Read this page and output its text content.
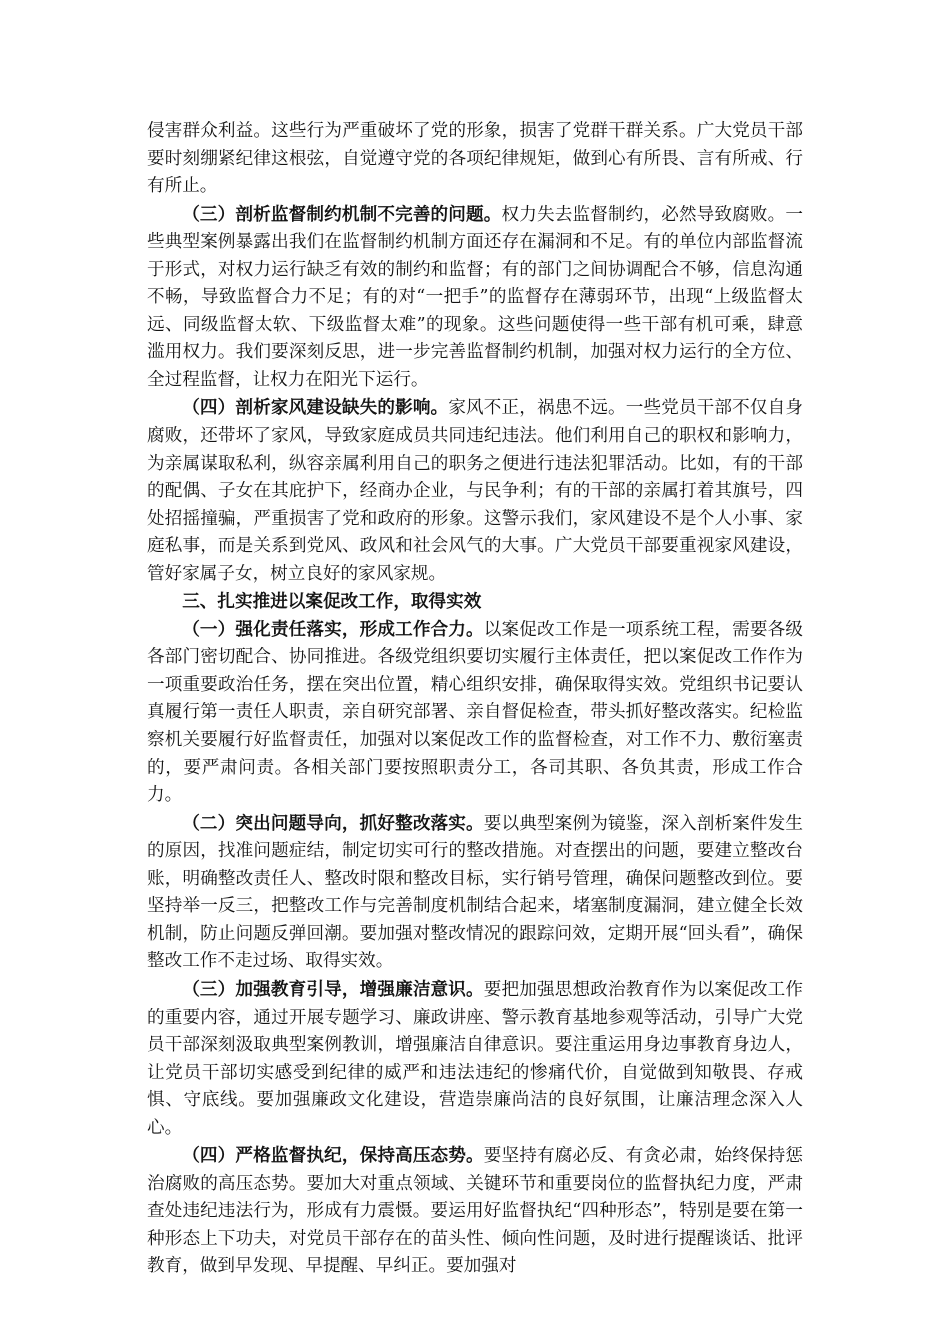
侵害群众利益。这些行为严重破坏了党的形象，损害了党群干群关系。广大党员干部要时刻绷紧纪律这根弦，自觉遵守党的各项纪律规矩，做到心有所畏、言有所戒、行有所止。

（三）剖析监督制约机制不完善的问题。权力失去监督制约，必然导致腐败。一些典型案例暴露出我们在监督制约机制方面还存在漏洞和不足。有的单位内部监督流于形式，对权力运行缺乏有效的制约和监督；有的部门之间协调配合不够，信息沟通不畅，导致监督合力不足；有的对“一把手”的监督存在薄弱环节，出现“上级监督太远、同级监督太软、下级监督太难”的现象。这些问题使得一些干部有机可乘，肆意滥用权力。我们要深刻反思，进一步完善监督制约机制，加强对权力运行的全方位、全过程监督，让权力在阳光下运行。

（四）剖析家风建设缺失的影响。家风不正，祸患不远。一些党员干部不仅自身腐败，还带坏了家风，导致家庭成员共同违纪违法。他们利用自己的职权和影响力，为亲属谋取私利，纵容亲属利用自己的职务之便进行违法犯罪活动。比如，有的干部的配偶、子女在其庇护下，经商办企业，与民争利；有的干部的亲属打着其旗号，四处招摇撞骗，严重损害了党和政府的形象。这警示我们，家风建设不是个人小事、家庭私事，而是关系到党风、政风和社会风气的大事。广大党员干部要重视家风建设，管好家属子女，树立良好的家风家规。

三、扎实推进以案促改工作，取得实效

（一）强化责任落实，形成工作合力。以案促改工作是一项系统工程，需要各级各部门密切配合、协同推进。各级党组织要切实履行主体责任，把以案促改工作作为一项重要政治任务，摆在突出位置，精心组织安排，确保取得实效。党组织书记要认真履行第一责任人职责，亲自研究部署、亲自督促检查，带头抓好整改落实。纪检监察机关要履行好监督责任，加强对以案促改工作的监督检查，对工作不力、敷衍塞责的，要严肃问责。各相关部门要按照职责分工，各司其职、各负其责，形成工作合力。

（二）突出问题导向，抓好整改落实。要以典型案例为镜鉴，深入剖析案件发生的原因，找准问题症结，制定切实可行的整改措施。对查摆出的问题，要建立整改台账，明确整改责任人、整改时限和整改目标，实行销号管理，确保问题整改到位。要坚持举一反三，把整改工作与完善制度机制结合起来，堵塞制度漏洞，建立健全长效机制，防止问题反弹回潮。要加强对整改情况的跟踪问效，定期开展“回头看”，确保整改工作不走过场、取得实效。

（三）加强教育引导，增强廉洁意识。要把加强思想政治教育作为以案促改工作的重要内容，通过开展专题学习、廉政讲座、警示教育基地参观等活动，引导广大党员干部深刻汲取典型案例教训，增强廉洁自律意识。要注重运用身边事教育身边人，让党员干部切实感受到纪律的威严和违法违纪的惨痛代价，自觉做到知敬畏、存戒惧、守底线。要加强廉政文化建设，营造崇廉尚洁的良好氛围，让廉洁理念深入人心。

（四）严格监督执纪，保持高压态势。要坚持有腐必反、有贪必肃，始终保持惩治腐败的高压态势。要加大对重点领域、关键环节和重要岗位的监督执纪力度，严肃查处违纪违法行为，形成有力震慑。要运用好监督执纪“四种形态”，特别是要在第一种形态上下功夫，对党员干部存在的苗头性、倾向性问题，及时进行提醒谈话、批评教育，做到早发现、早提醒、早纠正。要加强对
